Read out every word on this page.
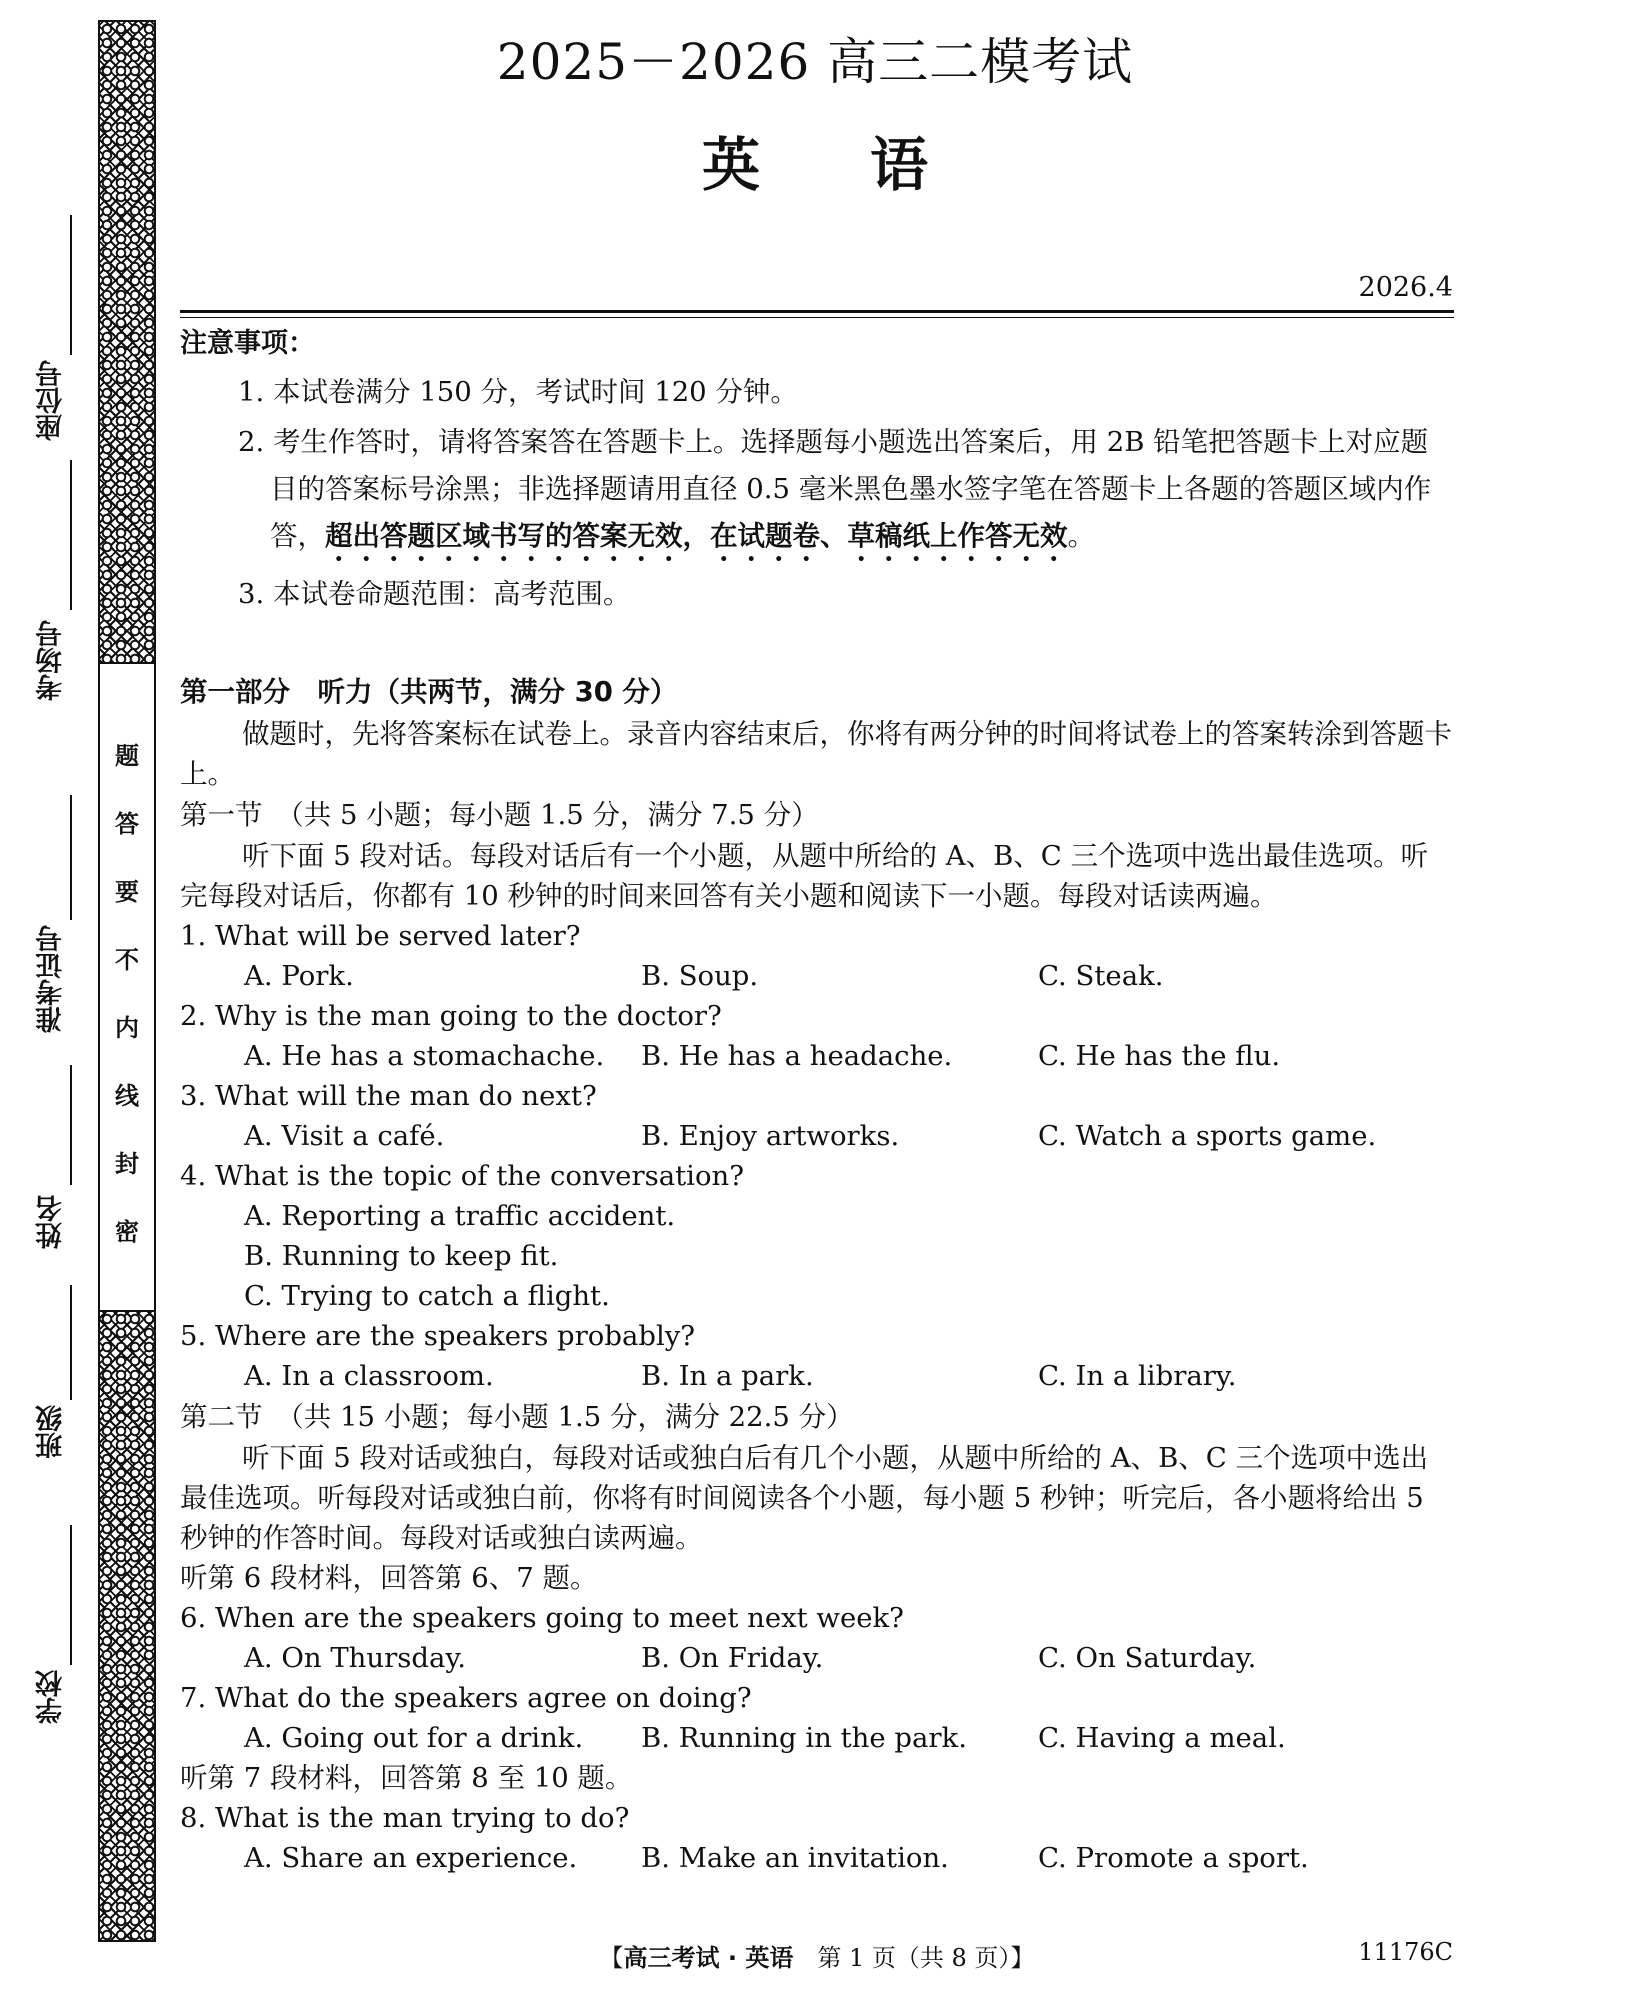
座位号
考场号
准考证号
姓名
班级
学校
题
答
要
不
内
线
封
密
2025－2026 高三二模考试
英语
2026.4
注意事项：
1. 本试卷满分 150 分，考试时间 120 分钟。
2. 考生作答时，请将答案答在答题卡上。选择题每小题选出答案后，用 2B 铅笔把答题卡上对应题目的答案标号涂黑；非选择题请用直径 0.5 毫米黑色墨水签字笔在答题卡上各题的答题区域内作答，超出答题区域书写的答案无效，在试题卷、草稿纸上作答无效。
3. 本试卷命题范围：高考范围。
第一部分　听力（共两节，满分 30 分）
做题时，先将答案标在试卷上。录音内容结束后，你将有两分钟的时间将试卷上的答案转涂到答题卡上。
第一节　（共 5 小题；每小题 1.5 分，满分 7.5 分）
听下面 5 段对话。每段对话后有一个小题，从题中所给的 A、B、C 三个选项中选出最佳选项。听完每段对话后，你都有 10 秒钟的时间来回答有关小题和阅读下一小题。每段对话读两遍。
1. What will be served later?
A. Pork.	B. Soup.	C. Steak.
2. Why is the man going to the doctor?
A. He has a stomachache.	B. He has a headache.	C. He has the flu.
3. What will the man do next?
A. Visit a café.	B. Enjoy artworks.	C. Watch a sports game.
4. What is the topic of the conversation?
A. Reporting a traffic accident.
B. Running to keep fit.
C. Trying to catch a flight.
5. Where are the speakers probably?
A. In a classroom.	B. In a park.	C. In a library.
第二节　（共 15 小题；每小题 1.5 分，满分 22.5 分）
听下面 5 段对话或独白，每段对话或独白后有几个小题，从题中所给的 A、B、C 三个选项中选出最佳选项。听每段对话或独白前，你将有时间阅读各个小题，每小题 5 秒钟；听完后，各小题将给出 5 秒钟的作答时间。每段对话或独白读两遍。
听第 6 段材料，回答第 6、7 题。
6. When are the speakers going to meet next week?
A. On Thursday.	B. On Friday.	C. On Saturday.
7. What do the speakers agree on doing?
A. Going out for a drink.	B. Running in the park.	C. Having a meal.
听第 7 段材料，回答第 8 至 10 题。
8. What is the man trying to do?
A. Share an experience.	B. Make an invitation.	C. Promote a sport.
【高三考试 · 英语　第 1 页（共 8 页）】	11176C
